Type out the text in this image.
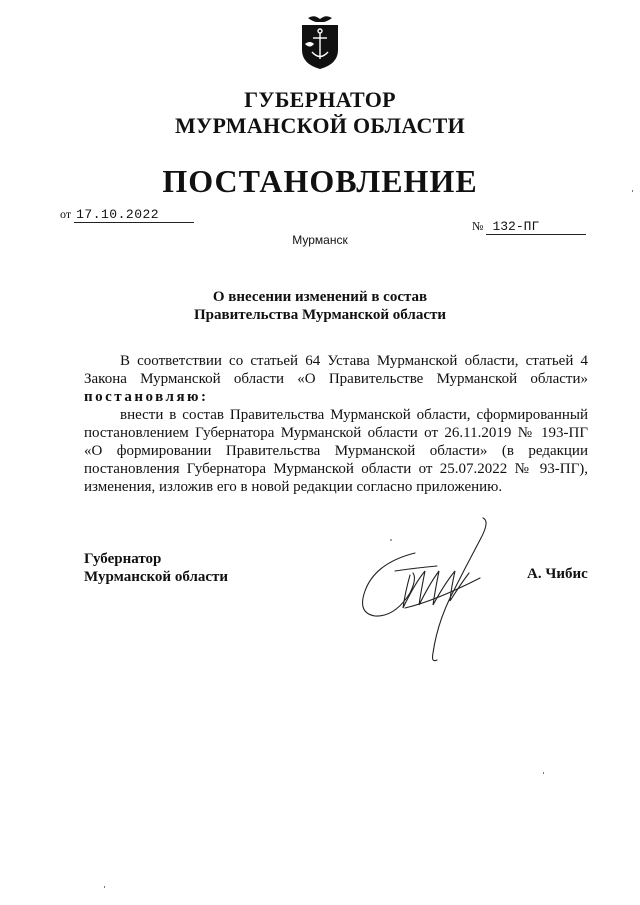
ГУБЕРНАТОР
МУРМАНСКОЙ ОБЛАСТИ
ПОСТАНОВЛЕНИЕ
от 17.10.2022
№ 132-ПГ
Мурманск
О внесении изменений в состав
Правительства Мурманской области

В соответствии со статьей 64 Устава Мурманской области, статьей 4 Закона Мурманской области «О Правительстве Мурманской области» постановляю:

внести в состав Правительства Мурманской области, сформированный постановлением Губернатора Мурманской области от 26.11.2019 № 193-ПГ «О формировании Правительства Мурманской области» (в редакции постановления Губернатора Мурманской области от 25.07.2022 № 93-ПГ), изменения, изложив его в новой редакции согласно приложению.

Губернатор
Мурманской области	А. Чибис
